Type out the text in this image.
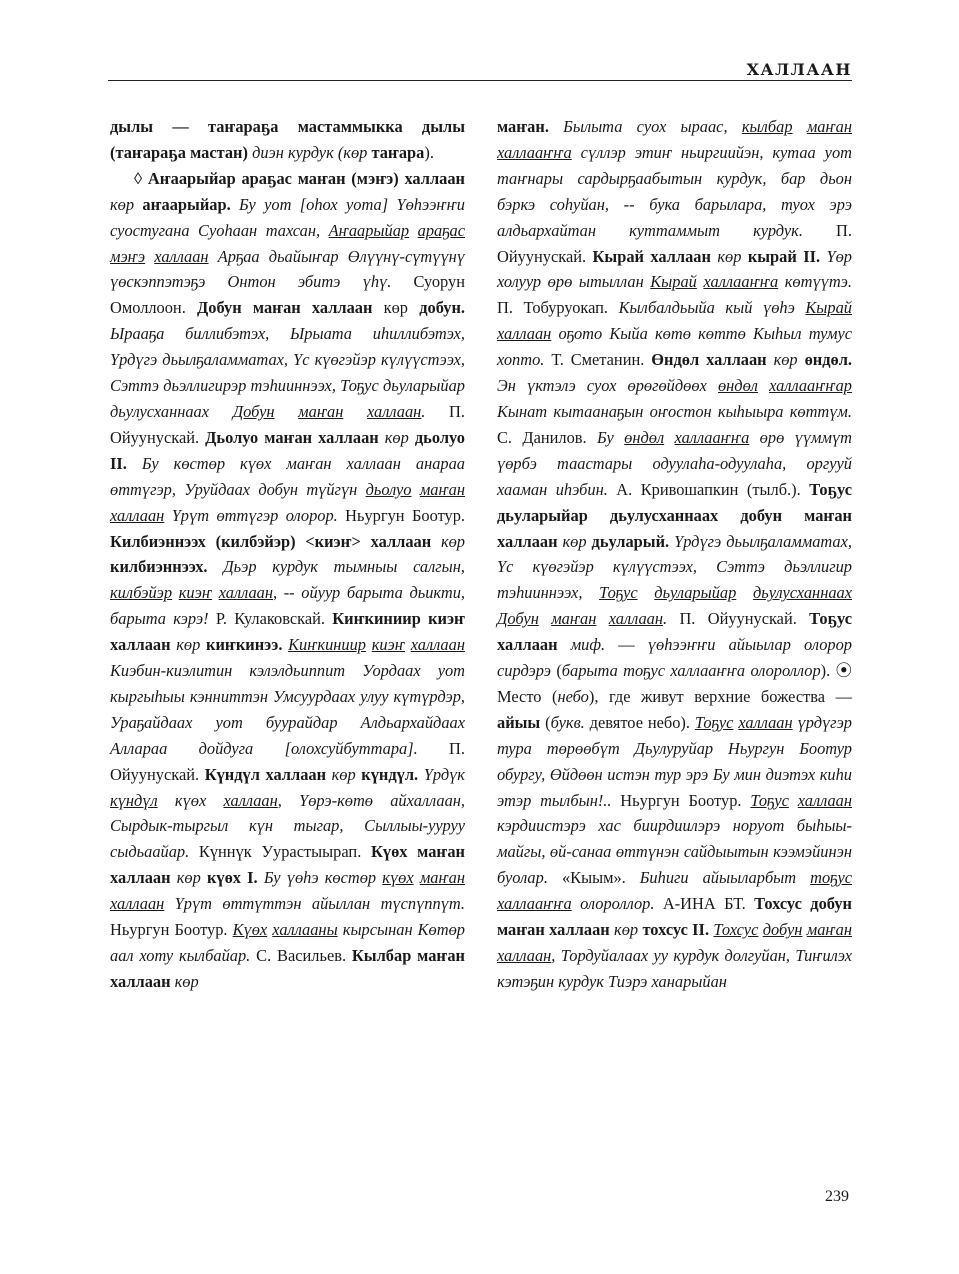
ХАЛЛААН

дылы — таҥараҕа мастаммыкка дылы (таҥараҕа мастан) диэн курдук (көр таҥара).

◊ Аҥаарыйар араҕас маҥан (мэҥэ) халлаан көр аҥаарыйар. Бу уот [оһох уота] Үөһээҥҥи суостугана Суоһаан тахсан, Аҥаарыйар араҕас мэҥэ халлаан Арҕаа дьайыҥар Өлүүнү-сүтүүнү үөскэппэтэҕэ Онтон эбитэ үһү. Суорун Омоллоон. Добун маҥан халлаан көр добун. Ырааҕа биллибэтэх, Ырыата иһиллибэтэх, Үрдүгэ дьылҕаламматах, Үс күөгэйэр күлүүстээх, Сэттэ дьэллигирэр тэһииннээх, Тоҕус дьуларыйар дьулусханнаах Добун маҥан халлаан. П. Ойуунускай. Дьолуо маҥан халлаан көр дьолуо II. Бу көстөр күөх маҥан халлаан анараа өттүгэр, Уруйдаах добун түйгүн дьолуо маҥан халлаан Үрүт өттүгэр олорор. Ньургун Боотур. Килбиэннээх (килбэйэр) <киэҥ> халлаан көр килбиэннээх. Дьэр курдук тымныы салгын, килбэйэр киэҥ халлаан, -- ойуур барыта дьикти, барыта кэрэ! Р. Кулаковскай. Киҥкиниир киэҥ халлаан көр киҥкинээ. Киҥкиниир киэҥ халлаан Киэбин-киэлитин кэлэлдьиппит Уордаах уот кыргыһыы кэнниттэн Умсуурдаах улуу күтүрдэр, Ураҕайдаах уот буурайдар Алдьархайдаах Аллараа дойдуга [олохсуйбуттара]. П. Ойуунускай. Күндүл халлаан көр күндүл. Үрдүк күндүл күөх халлаан, Үөрэ-көтө айхаллаан, Сырдык-тыргыл күн тыгар, Сыллыы-ууруу сыдьаайар. Күннүк Уурастыырап. Күөх маҥан халлаан көр күөх I. Бу үөһэ көстөр күөх маҥан халлаан Үрүт өттүттэн айыллан түспүппүт. Ньургун Боотур. Күөх халлааны кырсынан Көтөр аал хоту кылбайар. С. Васильев. Кылбар маҥан халлаан көр

маҥан. Былыта суох ыраас, кылбар маҥан халлааҥҥа сүллэр этиҥ ньиргиийэн, кутаа уот таҥнары сардырҕаабытын курдук, бар дьон бэркэ соһуйан, -- бука барылара, туох эрэ алдьархайтан куттаммыт курдук. П. Ойуунускай. Кырай халлаан көр кырай II. Үөр холуур өрө ытыллан Кырай халлааҥҥа көтүүтэ. П. Тобуруокап. Кылбалдьыйа кый үөһэ Кырай халлаан оҕото Кыйа көтө көттө Кыһыл тумус хопто. Т. Сметанин. Өндөл халлаан көр өндөл. Эн үктэлэ суох өрөгөйдөөх өндөл халлааҥҥар Кынат кытаанаҕын оҥостон кыһыыра көттүм. С. Данилов. Бу өндөл халлааҥҥа өрө үүммүт үөрбэ таастары одуулаһа-одуулаһа, оргууй хааман иһэбин. А. Кривошапкин (тылб.). Тоҕус дьуларыйар дьулусханнаах добун маҥан халлаан көр дьуларый. Үрдүгэ дьылҕаламматах, Үс күөгэйэр күлүүстээх, Сэттэ дьэллигир тэһииннээх, Тоҕус дьуларыйар дьулусханнаах Добун маҥан халлаан. П. Ойуунускай. Тоҕус халлаан миф. — үөһээҥҥи айыылар олорор сирдэрэ (барыта тоҕус халлааҥҥа олороллор). ⦿ Место (небо), где живут верхние божества — айыы (букв. девятое небо). Тоҕус халлаан үрдүгэр тура төрөөбүт Дьулуруйар Ньургун Боотур обургу, Өйдөөн истэн тур эрэ Бу мин диэтэх киһи этэр тылбын!.. Ньургун Боотур. Тоҕус халлаан кэрдиистэрэ хас биирдиилэрэ норуот быһыы-майгы, өй-санаа өттүнэн сайдыытын кээмэйинэн буолар. «Кыым». Биһиги айыыларбыт тоҕус халлааҥҥа олороллор. А-ИНА БТ. Тохсус добун маҥан халлаан көр тохсус II. Тохсус добун маҥан халлаан, Тордуйалаах уу курдук долгуйан, Тиҥилэх кэтэҕин курдук Тиэрэ ханарыйан

239
